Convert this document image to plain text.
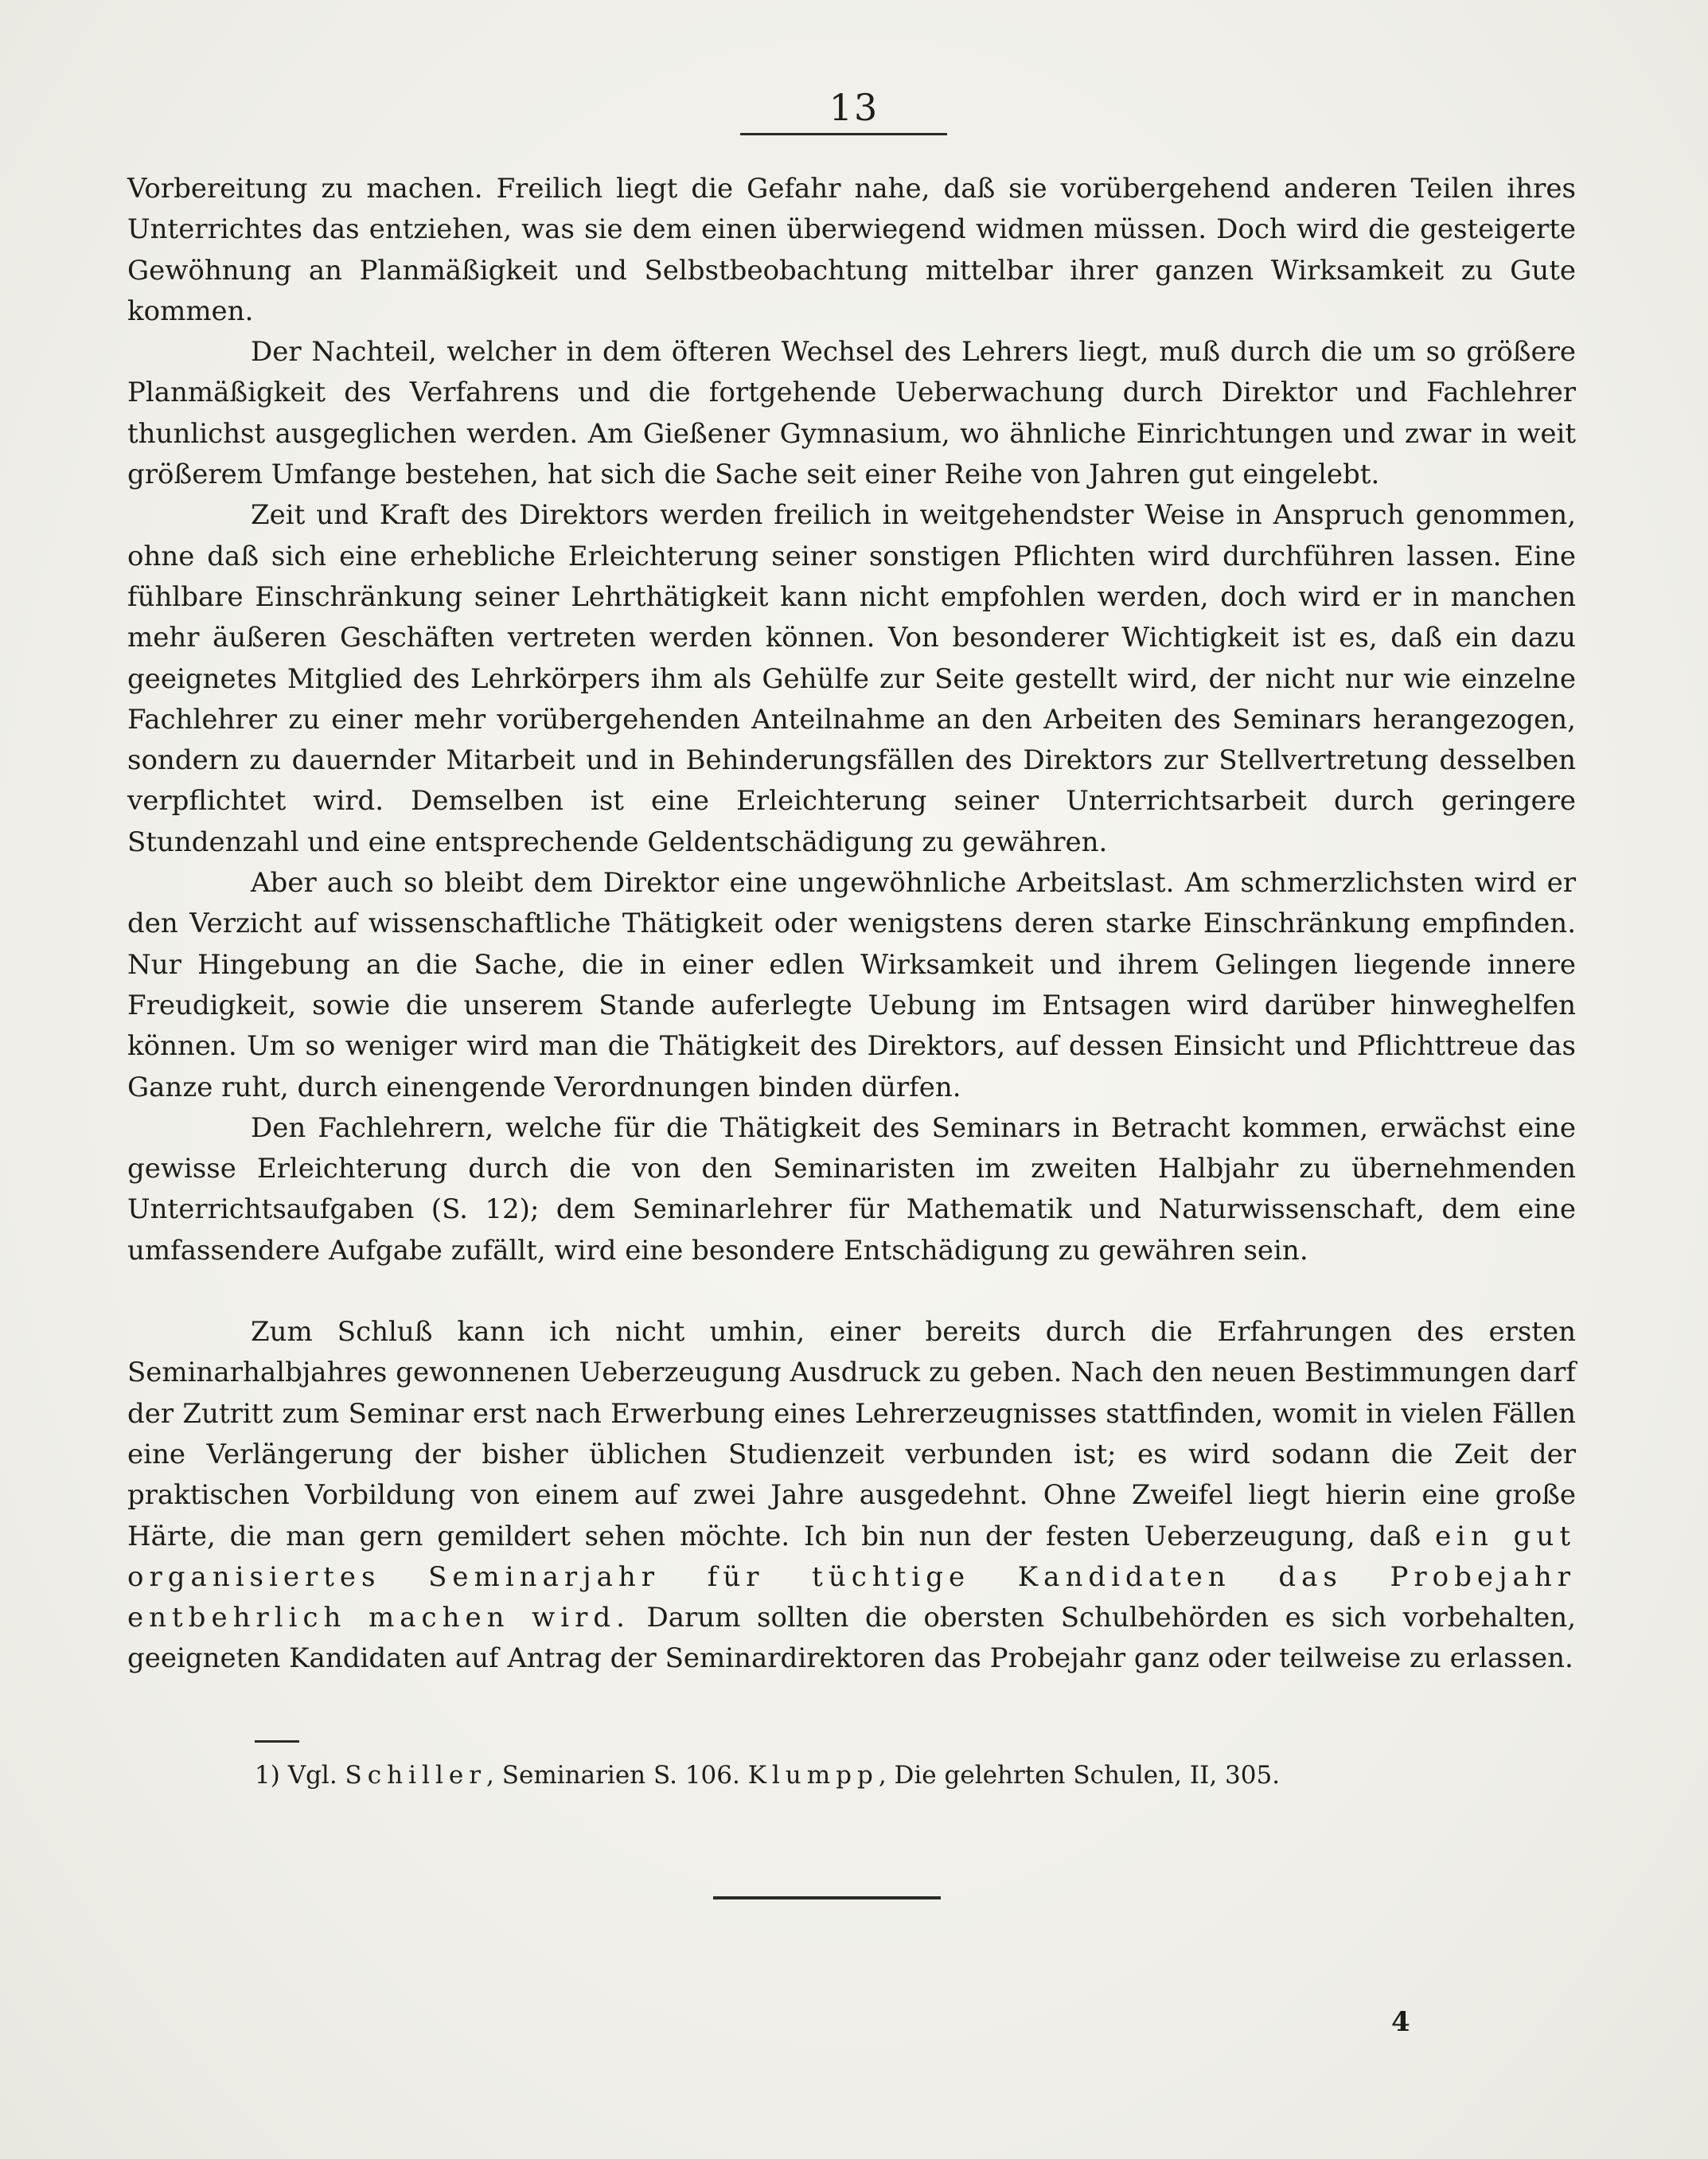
13

Vorbereitung zu machen. Freilich liegt die Gefahr nahe, daß sie vorübergehend anderen Teilen ihres Unterrichtes das entziehen, was sie dem einen überwiegend widmen müssen. Doch wird die gesteigerte Gewöhnung an Planmäßigkeit und Selbstbeobachtung mittelbar ihrer ganzen Wirksamkeit zu Gute kommen.

Der Nachteil, welcher in dem öfteren Wechsel des Lehrers liegt, muß durch die um so größere Planmäßigkeit des Verfahrens und die fortgehende Ueberwachung durch Direktor und Fachlehrer thunlichst ausgeglichen werden. Am Gießener Gymnasium, wo ähnliche Einrichtungen und zwar in weit größerem Umfange bestehen, hat sich die Sache seit einer Reihe von Jahren gut eingelebt.

Zeit und Kraft des Direktors werden freilich in weitgehendster Weise in Anspruch genommen, ohne daß sich eine erhebliche Erleichterung seiner sonstigen Pflichten wird durchführen lassen. Eine fühlbare Einschränkung seiner Lehrthätigkeit kann nicht empfohlen werden, doch wird er in manchen mehr äußeren Geschäften vertreten werden können. Von besonderer Wichtigkeit ist es, daß ein dazu geeignetes Mitglied des Lehrkörpers ihm als Gehülfe zur Seite gestellt wird, der nicht nur wie einzelne Fachlehrer zu einer mehr vorübergehenden Anteilnahme an den Arbeiten des Seminars herangezogen, sondern zu dauernder Mitarbeit und in Behinderungsfällen des Direktors zur Stellvertretung desselben verpflichtet wird. Demselben ist eine Erleichterung seiner Unterrichtsarbeit durch geringere Stundenzahl und eine entsprechende Geldentschädigung zu gewähren.

Aber auch so bleibt dem Direktor eine ungewöhnliche Arbeitslast. Am schmerzlichsten wird er den Verzicht auf wissenschaftliche Thätigkeit oder wenigstens deren starke Einschränkung empfinden. Nur Hingebung an die Sache, die in einer edlen Wirksamkeit und ihrem Gelingen liegende innere Freudigkeit, sowie die unserem Stande auferlegte Uebung im Entsagen wird darüber hinweghelfen können. Um so weniger wird man die Thätigkeit des Direktors, auf dessen Einsicht und Pflichttreue das Ganze ruht, durch einengende Verordnungen binden dürfen.

Den Fachlehrern, welche für die Thätigkeit des Seminars in Betracht kommen, erwächst eine gewisse Erleichterung durch die von den Seminaristen im zweiten Halbjahr zu übernehmenden Unterrichtsaufgaben (S. 12); dem Seminarlehrer für Mathematik und Naturwissenschaft, dem eine umfassendere Aufgabe zufällt, wird eine besondere Entschädigung zu gewähren sein.

Zum Schluß kann ich nicht umhin, einer bereits durch die Erfahrungen des ersten Seminarhalbjahres gewonnenen Ueberzeugung Ausdruck zu geben. Nach den neuen Bestimmungen darf der Zutritt zum Seminar erst nach Erwerbung eines Lehrerzeugnisses stattfinden, womit in vielen Fällen eine Verlängerung der bisher üblichen Studienzeit verbunden ist; es wird sodann die Zeit der praktischen Vorbildung von einem auf zwei Jahre ausgedehnt. Ohne Zweifel liegt hierin eine große Härte, die man gern gemildert sehen möchte. Ich bin nun der festen Ueberzeugung, daß ein gut organisiertes Seminarjahr für tüchtige Kandidaten das Probejahr entbehrlich machen wird. Darum sollten die obersten Schulbehörden es sich vorbehalten, geeigneten Kandidaten auf Antrag der Seminardirektoren das Probejahr ganz oder teilweise zu erlassen.

1) Vgl. Schiller, Seminarien S. 106. Klumpp, Die gelehrten Schulen, II, 305.
4
